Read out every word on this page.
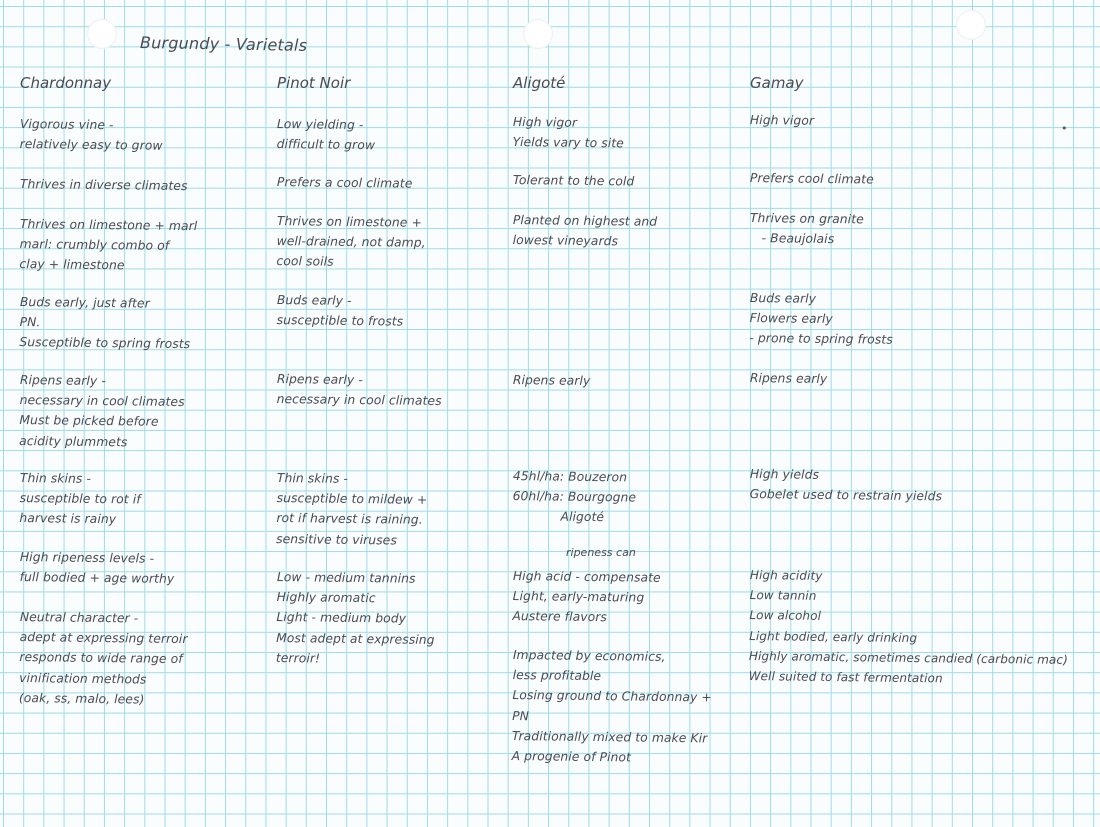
Burgundy - Varietals
Chardonnay
Vigorous vine -
relatively easy to grow
Thrives in diverse climates
Thrives on limestone + marl
marl: crumbly combo of
clay + limestone
Buds early, just after
PN.
Susceptible to spring frosts
Ripens early -
necessary in cool climates
Must be picked before
acidity plummets
Thin skins -
susceptible to rot if
harvest is rainy
High ripeness levels -
full bodied + age worthy
Neutral character -
adept at expressing terroir
responds to wide range of
vinification methods
(oak, ss, malo, lees)
Pinot Noir
Low yielding -
difficult to grow
Prefers a cool climate
Thrives on limestone +
well-drained, not damp,
cool soils
Buds early -
susceptible to frosts
Ripens early -
necessary in cool climates
Thin skins -
susceptible to mildew +
rot if harvest is raining.
sensitive to viruses
Low - medium tannins
Highly aromatic
Light - medium body
Most adept at expressing
terroir!
Aligoté
High vigor
Yields vary to site
Tolerant to the cold
Planted on highest and
lowest vineyards
Ripens early
45hl/ha: Bouzeron
60hl/ha: Bourgogne
Aligoté
High acid - compensate
Light, early-maturing
Austere flavors
Impacted by economics,
less profitable
Losing ground to Chardonnay +
PN
Traditionally mixed to make Kir
A progenie of Pinot
ripeness can
Gamay
High vigor
Prefers cool climate
Thrives on granite
- Beaujolais
Buds early
Flowers early
- prone to spring frosts
Ripens early
High yields
Gobelet used to restrain yields
High acidity
Low tannin
Low alcohol
Light bodied, early drinking
Highly aromatic, sometimes candied (carbonic mac)
Well suited to fast fermentation
•
